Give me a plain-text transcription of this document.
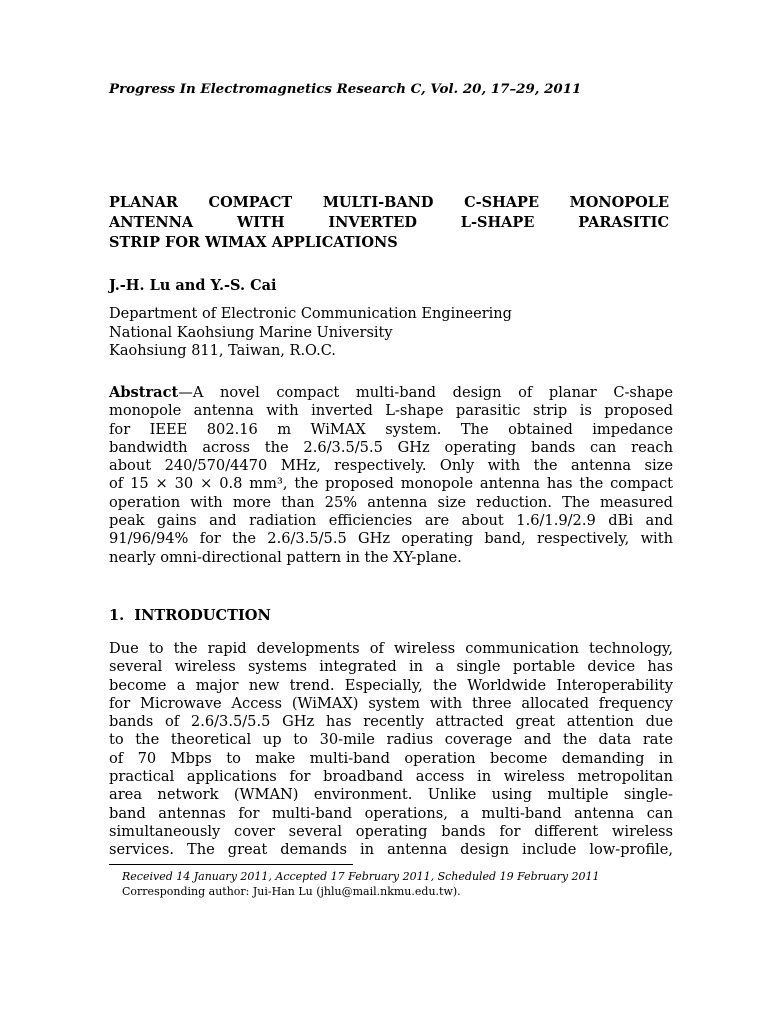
Progress In Electromagnetics Research C, Vol. 20, 17–29, 2011
PLANAR COMPACT MULTI-BAND C-SHAPE MONOPOLE
ANTENNA WITH INVERTED L-SHAPE PARASITIC
STRIP FOR WIMAX APPLICATIONS
J.-H. Lu and Y.-S. Cai
Department of Electronic Communication Engineering
National Kaohsiung Marine University
Kaohsiung 811, Taiwan, R.O.C.
Abstract—A novel compact multi-band design of planar C-shape
monopole antenna with inverted L-shape parasitic strip is proposed
for IEEE 802.16 m WiMAX system. The obtained impedance
bandwidth across the 2.6/3.5/5.5 GHz operating bands can reach
about 240/570/4470 MHz, respectively. Only with the antenna size
of 15 × 30 × 0.8 mm³, the proposed monopole antenna has the compact
operation with more than 25% antenna size reduction. The measured
peak gains and radiation efficiencies are about 1.6/1.9/2.9 dBi and
91/96/94% for the 2.6/3.5/5.5 GHz operating band, respectively, with
nearly omni-directional pattern in the XY-plane.
1. INTRODUCTION
Due to the rapid developments of wireless communication technology,
several wireless systems integrated in a single portable device has
become a major new trend. Especially, the Worldwide Interoperability
for Microwave Access (WiMAX) system with three allocated frequency
bands of 2.6/3.5/5.5 GHz has recently attracted great attention due
to the theoretical up to 30-mile radius coverage and the data rate
of 70 Mbps to make multi-band operation become demanding in
practical applications for broadband access in wireless metropolitan
area network (WMAN) environment. Unlike using multiple single-
band antennas for multi-band operations, a multi-band antenna can
simultaneously cover several operating bands for different wireless
services. The great demands in antenna design include low-profile,
Received 14 January 2011, Accepted 17 February 2011, Scheduled 19 February 2011
Corresponding author: Jui-Han Lu (jhlu@mail.nkmu.edu.tw).
